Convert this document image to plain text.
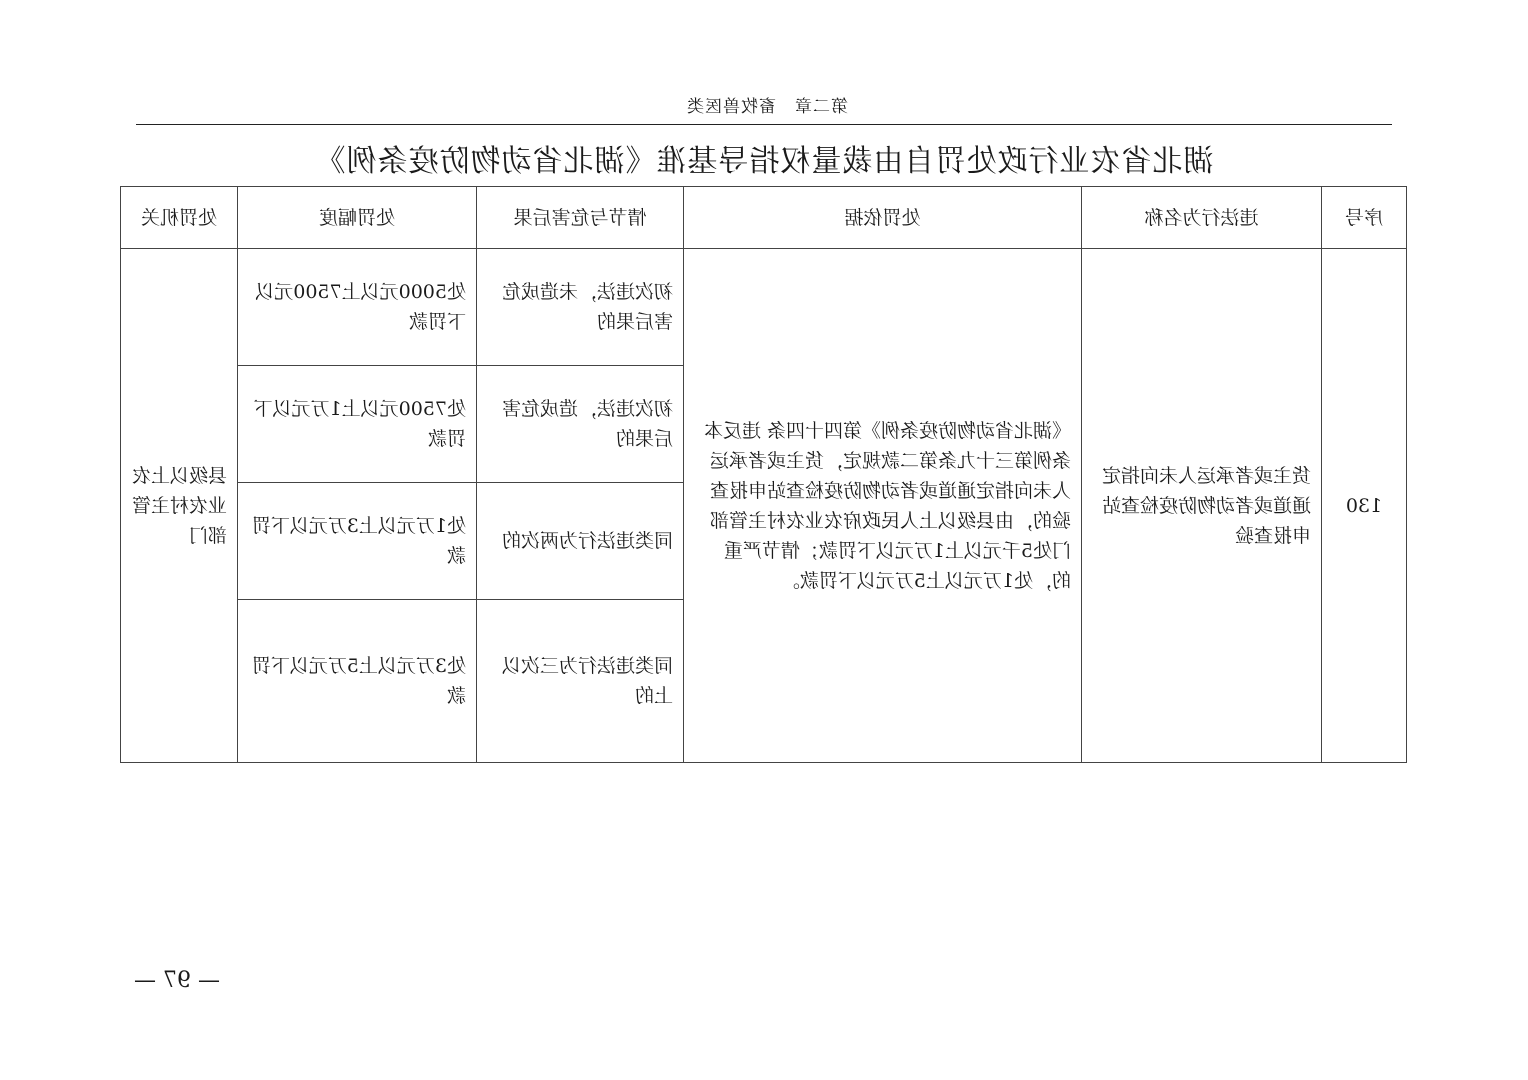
第二章　畜牧兽医类
湖北省农业行政处罚自由裁量权指导基准《湖北省动物防疫条例》
序号	违法行为名称	处罚依据	情节与危害后果	处罚幅度	处罚机关
130	货主或者承运人未向指定通道或者动物防疫检查站申报查验	《湖北省动物防疫条例》第四十四条 违反本条例第三十九条第二款规定，货主或者承运人未向指定通道或者动物防疫检查站申报查验的，由县级以上人民政府农业农村主管部门处5千元以上1万元以下罚款；情节严重的，处1万元以上5万元以下罚款。	初次违法，未造成危害后果的	处5000元以上7500元以下罚款	县级以上农业农村主管部门
			初次违法，造成危害后果的	处7500元以上1万元以下罚款	
			同类违法行为两次的	处1万元以上3万元以下罚款	
			同类违法行为三次以上的	处3万元以上5万元以下罚款	
— 97 —
